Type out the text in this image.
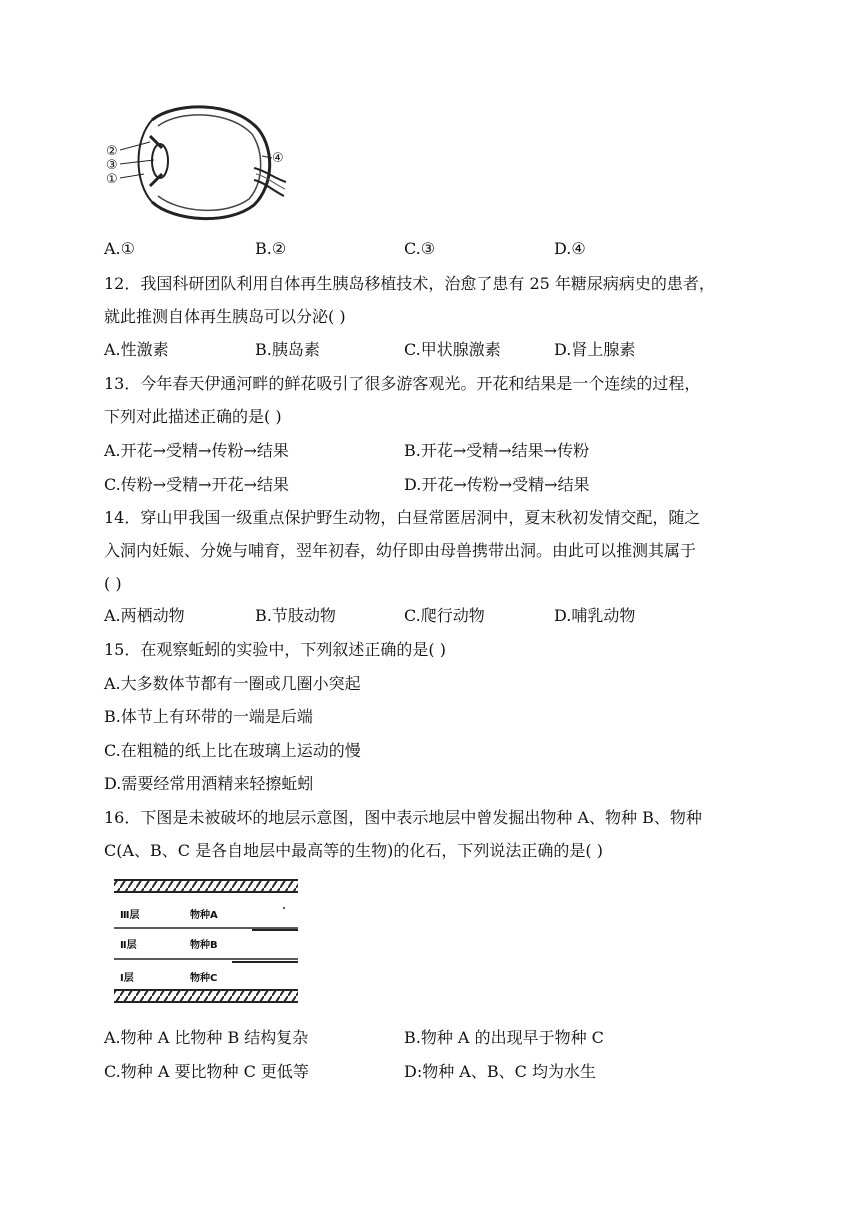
②
③
①
④
A.①	B.②	C.③	D.④
12．我国科研团队利用自体再生胰岛移植技术，治愈了患有 25 年糖尿病病史的患者，
就此推测自体再生胰岛可以分泌( )
A.性激素	B.胰岛素	C.甲状腺激素	D.肾上腺素
13．今年春天伊通河畔的鲜花吸引了很多游客观光。开花和结果是一个连续的过程，
下列对此描述正确的是( )
A.开花→受精→传粉→结果	B.开花→受精→结果→传粉
C.传粉→受精→开花→结果	D.开花→传粉→受精→结果
14．穿山甲我国一级重点保护野生动物，白昼常匿居洞中，夏末秋初发情交配，随之
入洞内妊娠、分娩与哺育，翌年初春，幼仔即由母兽携带出洞。由此可以推测其属于
( )
A.两栖动物	B.节肢动物	C.爬行动物	D.哺乳动物
15．在观察蚯蚓的实验中，下列叙述正确的是( )
A.大多数体节都有一圈或几圈小突起
B.体节上有环带的一端是后端
C.在粗糙的纸上比在玻璃上运动的慢
D.需要经常用酒精来轻擦蚯蚓
16．下图是未被破坏的地层示意图，图中表示地层中曾发掘出物种 A、物种 B、物种
C(A、B、C 是各自地层中最高等的生物)的化石，下列说法正确的是( )
Ⅲ层	物种A
Ⅱ层	物种B
Ⅰ层	物种C
A.物种 A 比物种 B 结构复杂	B.物种 A 的出现早于物种 C
C.物种 A 要比物种 C 更低等	D:物种 A、B、C 均为水生
